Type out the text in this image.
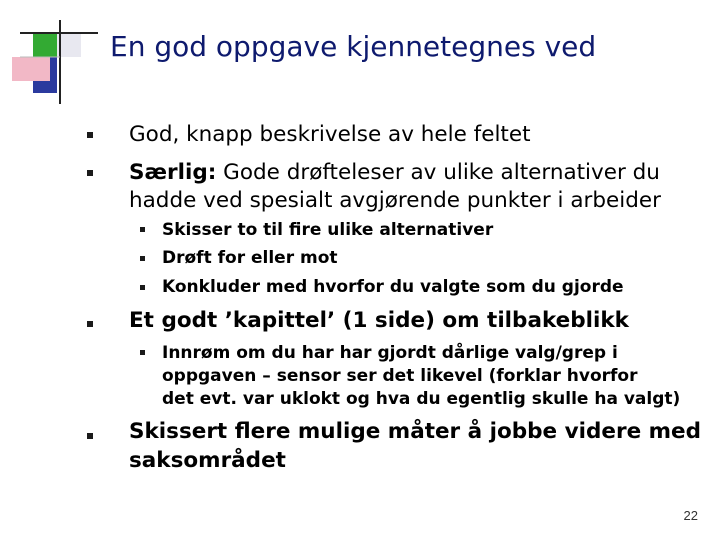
En god oppgave kjennetegnes ved
God, knapp beskrivelse av hele feltet
Særlig: Gode drøfteleser av ulike alternativer du
hadde ved spesialt avgjørende punkter i arbeider
Skisser to til fire ulike alternativer
Drøft for eller mot
Konkluder med hvorfor du valgte som du gjorde
Et godt ’kapittel’ (1 side) om tilbakeblikk
Innrøm om du har har gjordt dårlige valg/grep i
oppgaven – sensor ser det likevel (forklar hvorfor
det evt. var uklokt og hva du egentlig skulle ha valgt)
Skissert flere mulige måter å jobbe videre med
saksområdet
22
